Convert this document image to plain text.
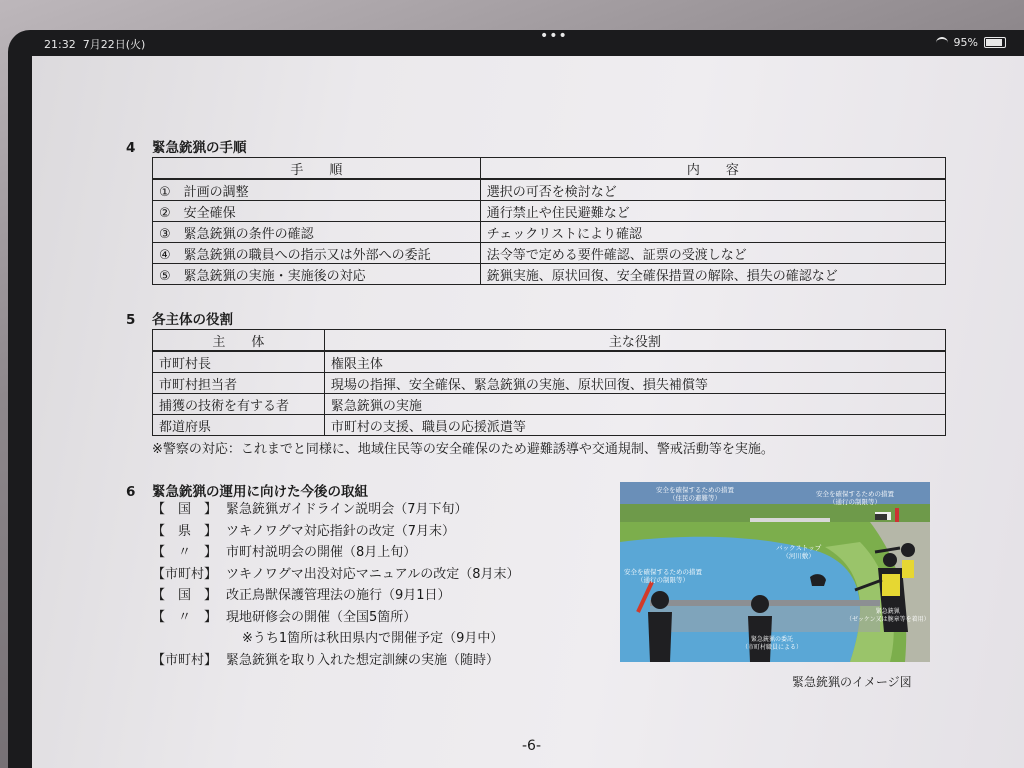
21:32 7月22日(火)
•••	95%
4 緊急銃猟の手順
手　　順	内　　容
①　計画の調整	選択の可否を検討など
②　安全確保	通行禁止や住民避難など
③　緊急銃猟の条件の確認	チェックリストにより確認
④　緊急銃猟の職員への指示又は外部への委託	法令等で定める要件確認、証票の受渡しなど
⑤　緊急銃猟の実施・実施後の対応	銃猟実施、原状回復、安全確保措置の解除、損失の確認など
5 各主体の役割
主　　体	主な役割
市町村長	権限主体
市町村担当者	現場の指揮、安全確保、緊急銃猟の実施、原状回復、損失補償等
捕獲の技術を有する者	緊急銃猟の実施
都道府県	市町村の支援、職員の応援派遣等
※警察の対応：これまでと同様に、地域住民等の安全確保のため避難誘導や交通規制、警戒活動等を実施。
6 緊急銃猟の運用に向けた今後の取組
【　国　】 緊急銃猟ガイドライン説明会（7月下旬）
【　県　】 ツキノワグマ対応指針の改定（7月末）
【　〃　】 市町村説明会の開催（8月上旬）
【市町村】 ツキノワグマ出没対応マニュアルの改定（8月末）
【　国　】 改正鳥獣保護管理法の施行（9月1日）
【　〃　】 現地研修会の開催（全国5箇所）
※うち1箇所は秋田県内で開催予定（9月中）
【市町村】 緊急銃猟を取り入れた想定訓練の実施（随時）
安全を確保するための措置
（住民の避難等）	安全を確保するための措置
（通行の制限等）
安全を確保するための措置
（通行の制限等）
バックストップ
（河川敷）
緊急銃猟
（ゼッケン又は腕章等を着用）
緊急銃猟の委託
（市町村職員による）
緊急銃猟のイメージ図
-6-
